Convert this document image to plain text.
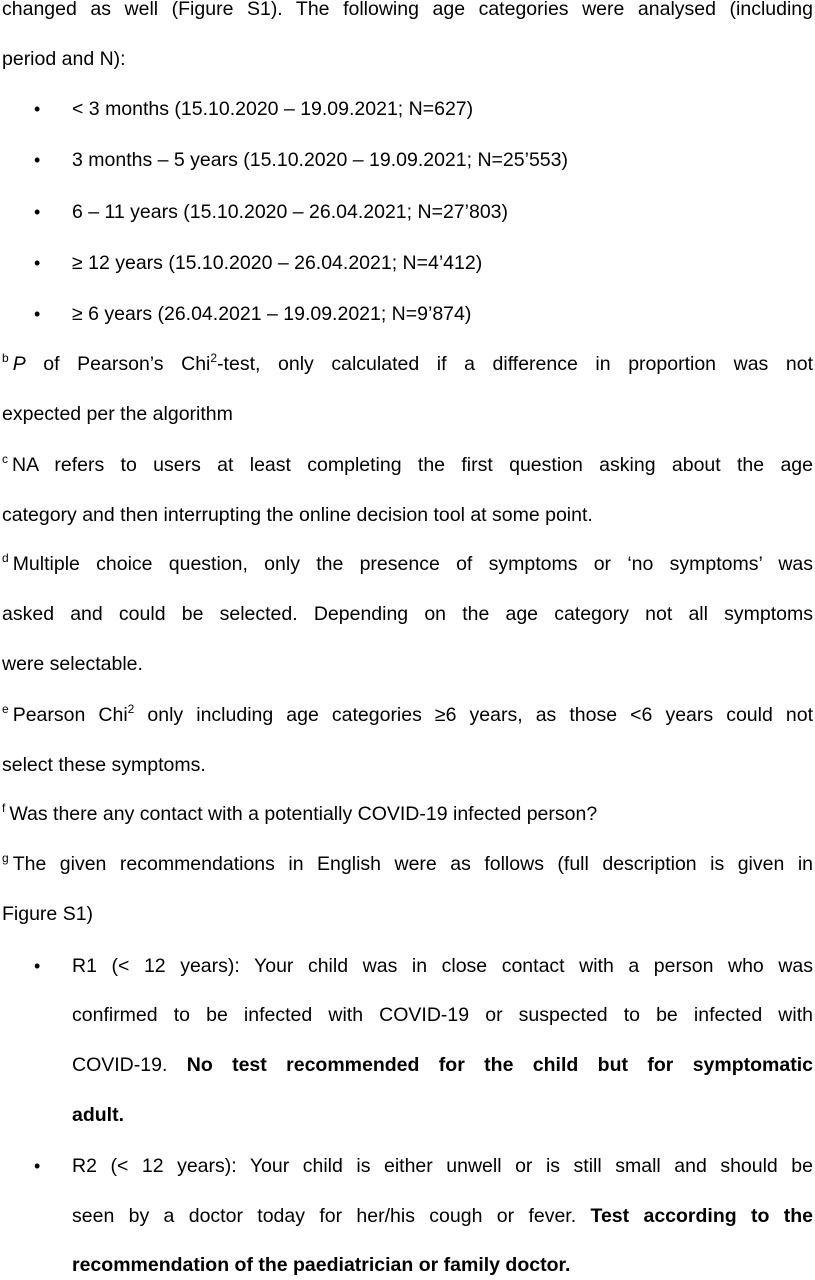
changed as well (Figure S1). The following age categories were analysed (including
period and N):
• < 3 months (15.10.2020 – 19.09.2021; N=627)
• 3 months – 5 years (15.10.2020 – 19.09.2021; N=25’553)
• 6 – 11 years (15.10.2020 – 26.04.2021; N=27’803)
• ≥ 12 years (15.10.2020 – 26.04.2021; N=4’412)
• ≥ 6 years (26.04.2021 – 19.09.2021; N=9’874)
$^b$ P of Pearson’s Chi$^2$-test, only calculated if a difference in proportion was not
expected per the algorithm
$^c$ NA refers to users at least completing the first question asking about the age
category and then interrupting the online decision tool at some point.
$^d$ Multiple choice question, only the presence of symptoms or ‘no symptoms’ was
asked and could be selected. Depending on the age category not all symptoms
were selectable.
$^e$ Pearson Chi$^2$ only including age categories ≥6 years, as those <6 years could not
select these symptoms.
$^f$ Was there any contact with a potentially COVID-19 infected person?
$^g$ The given recommendations in English were as follows (full description is given in
Figure S1)
• R1 (< 12 years): Your child was in close contact with a person who was
confirmed to be infected with COVID-19 or suspected to be infected with
COVID-19. No test recommended for the child but for symptomatic
adult.
• R2 (< 12 years): Your child is either unwell or is still small and should be
seen by a doctor today for her/his cough or fever. Test according to the
recommendation of the paediatrician or family doctor.
